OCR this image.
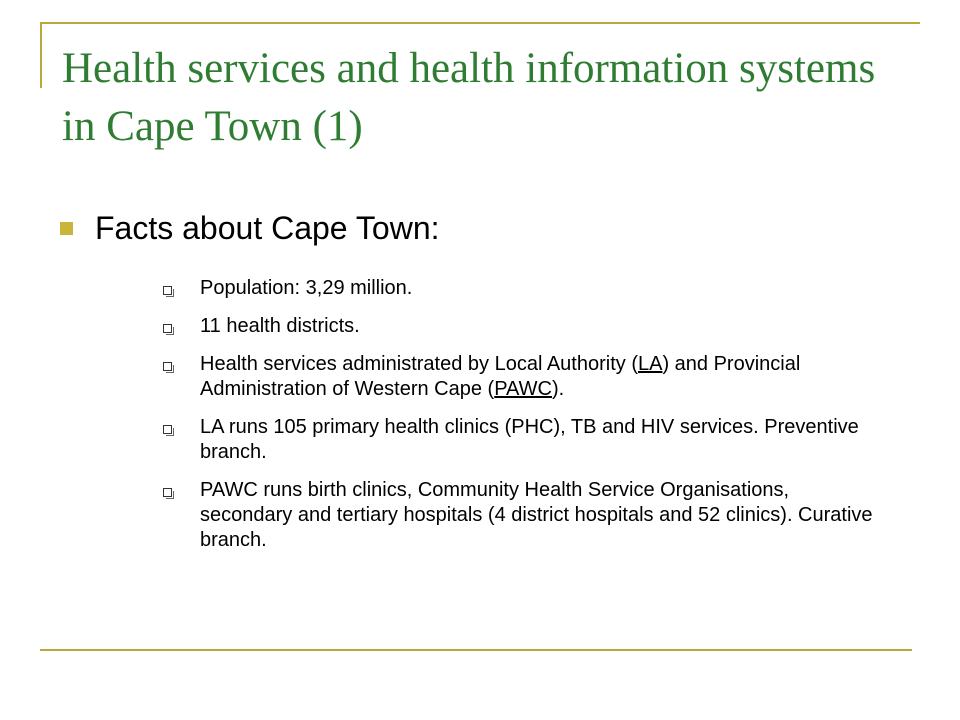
Health services and health information systems in Cape Town (1)
Facts about Cape Town:
Population: 3,29 million.
11 health districts.
Health services administrated by Local Authority (LA) and Provincial Administration of Western Cape (PAWC).
LA runs 105 primary health clinics (PHC), TB and HIV services. Preventive branch.
PAWC runs birth clinics, Community Health Service Organisations, secondary and tertiary hospitals (4 district hospitals and 52 clinics). Curative branch.
